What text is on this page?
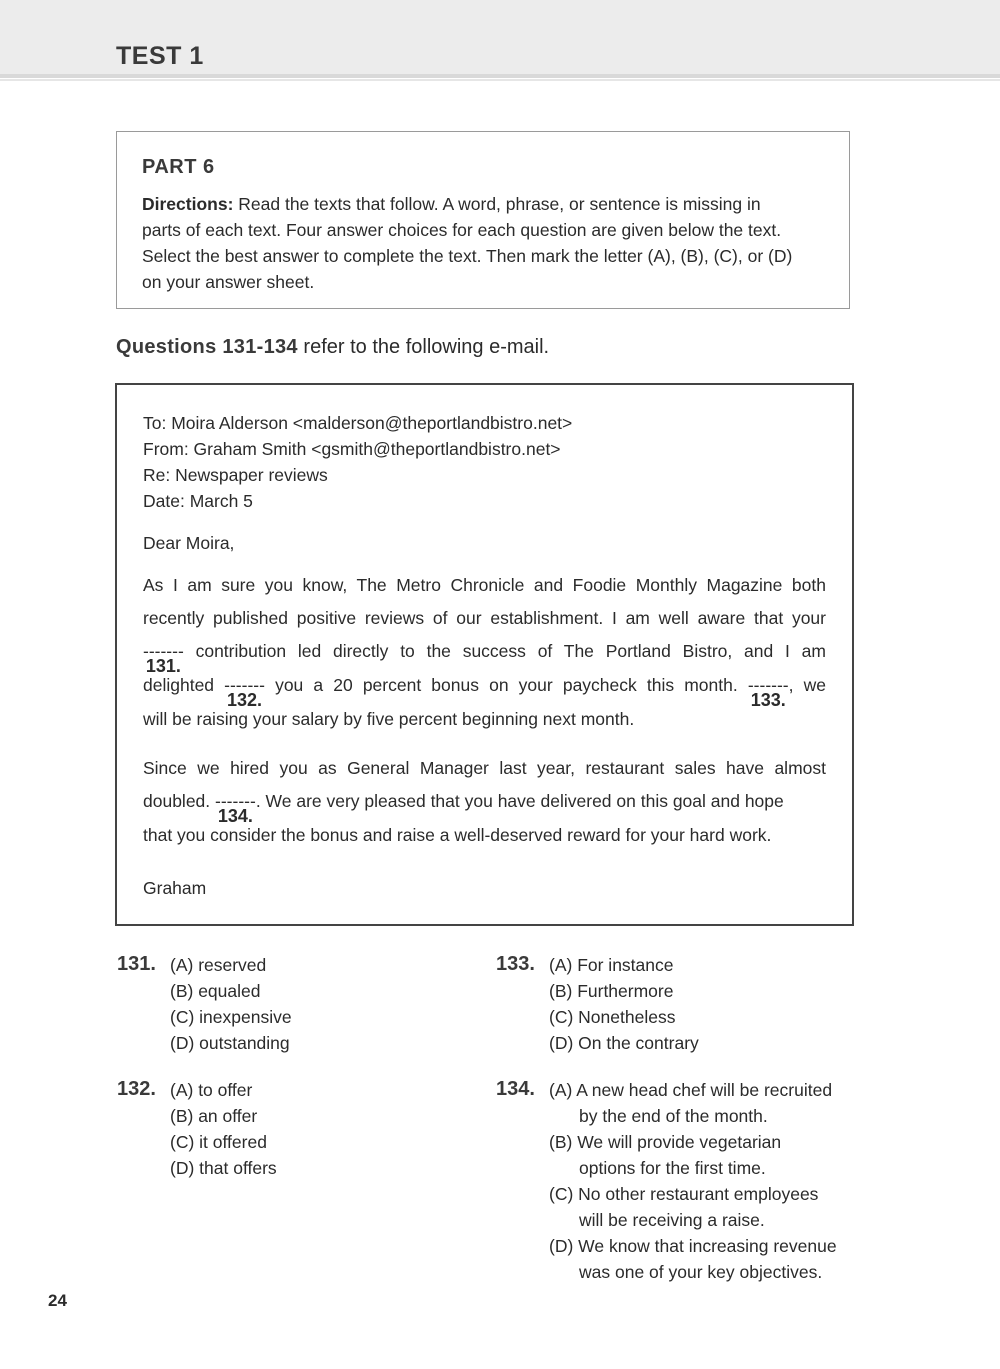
TEST 1
PART 6
Directions: Read the texts that follow. A word, phrase, or sentence is missing in
parts of each text. Four answer choices for each question are given below the text.
Select the best answer to complete the text. Then mark the letter (A), (B), (C), or (D)
on your answer sheet.
Questions 131-134 refer to the following e-mail.
To: Moira Alderson <malderson@theportlandbistro.net>
From: Graham Smith <gsmith@theportlandbistro.net>
Re: Newspaper reviews
Date: March 5
Dear Moira,
As I am sure you know, The Metro Chronicle and Foodie Monthly Magazine both
recently published positive reviews of our establishment. I am well aware that your
-------
131.
contribution led directly to the success of The Portland Bistro, and I am
delighted -------
132.
you a 20 percent bonus on your paycheck this month. -------
133.
, we
will be raising your salary by five percent beginning next month.
Since we hired you as General Manager last year, restaurant sales have almost
doubled. -------
134.
. We are very pleased that you have delivered on this goal and hope
that you consider the bonus and raise a well-deserved reward for your hard work.
Graham
131. (A) reserved
(B) equaled
(C) inexpensive
(D) outstanding
132. (A) to offer
(B) an offer
(C) it offered
(D) that offers
133. (A) For instance
(B) Furthermore
(C) Nonetheless
(D) On the contrary
134. (A) A new head chef will be recruited
by the end of the month.
(B) We will provide vegetarian
options for the first time.
(C) No other restaurant employees
will be receiving a raise.
(D) We know that increasing revenue
was one of your key objectives.
24
